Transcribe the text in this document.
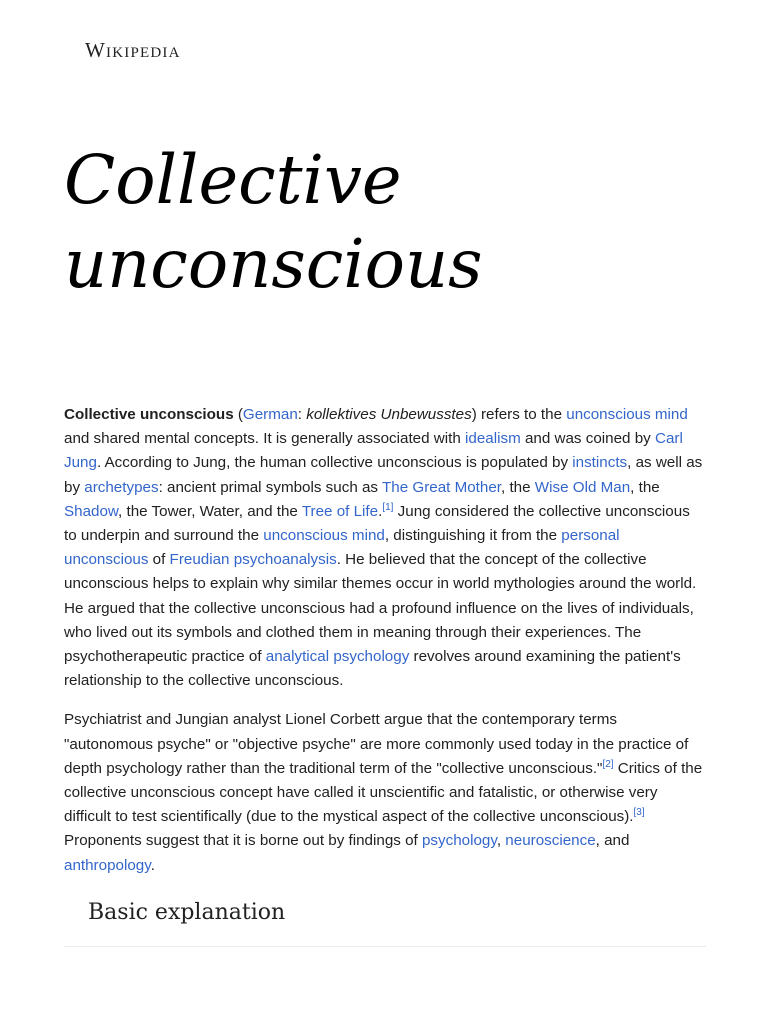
Wikipedia
Collective
unconscious

Collective unconscious (German: kollektives Unbewusstes) refers to the unconscious mind and shared mental concepts. It is generally associated with idealism and was coined by Carl Jung. According to Jung, the human collective unconscious is populated by instincts, as well as by archetypes: ancient primal symbols such as The Great Mother, the Wise Old Man, the Shadow, the Tower, Water, and the Tree of Life.[1] Jung considered the collective unconscious to underpin and surround the unconscious mind, distinguishing it from the personal unconscious of Freudian psychoanalysis. He believed that the concept of the collective unconscious helps to explain why similar themes occur in world mythologies around the world. He argued that the collective unconscious had a profound influence on the lives of individuals, who lived out its symbols and clothed them in meaning through their experiences. The psychotherapeutic practice of analytical psychology revolves around examining the patient's relationship to the collective unconscious.

Psychiatrist and Jungian analyst Lionel Corbett argue that the contemporary terms "autonomous psyche" or "objective psyche" are more commonly used today in the practice of depth psychology rather than the traditional term of the "collective unconscious."[2] Critics of the collective unconscious concept have called it unscientific and fatalistic, or otherwise very difficult to test scientifically (due to the mystical aspect of the collective unconscious).[3] Proponents suggest that it is borne out by findings of psychology, neuroscience, and anthropology.

Basic explanation
